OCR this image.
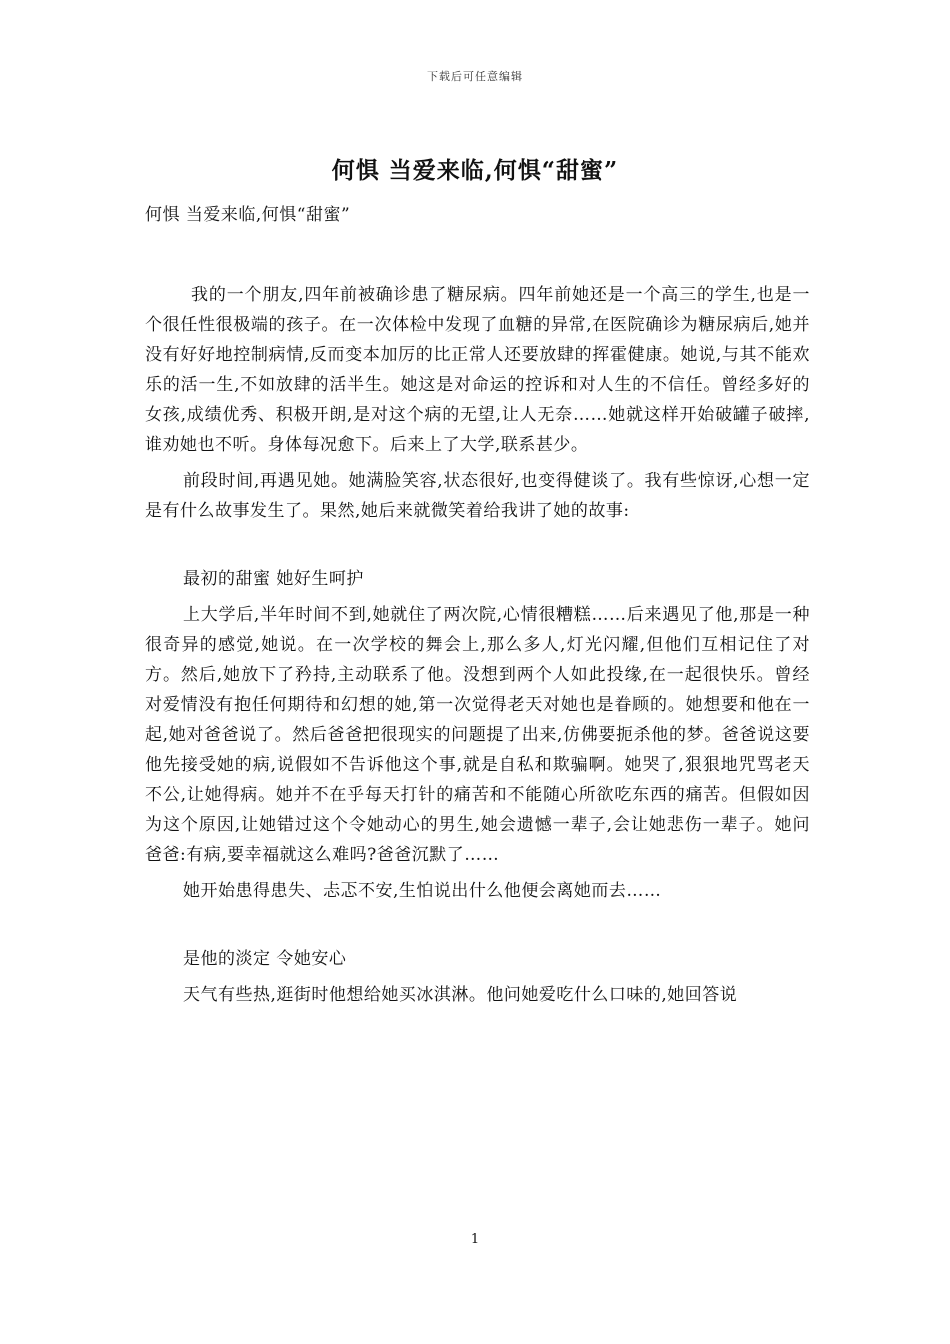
下载后可任意编辑
何惧 当爱来临,何惧“甜蜜”

何惧 当爱来临,何惧“甜蜜”

我的一个朋友,四年前被确诊患了糖尿病。四年前她还是一个高三的学生,也是一个很任性很极端的孩子。在一次体检中发现了血糖的异常,在医院确诊为糖尿病后,她并没有好好地控制病情,反而变本加厉的比正常人还要放肆的挥霍健康。她说,与其不能欢乐的活一生,不如放肆的活半生。她这是对命运的控诉和对人生的不信任。曾经多好的女孩,成绩优秀、积极开朗,是对这个病的无望,让人无奈……她就这样开始破罐子破摔,谁劝她也不听。身体每况愈下。后来上了大学,联系甚少。

前段时间,再遇见她。她满脸笑容,状态很好,也变得健谈了。我有些惊讶,心想一定是有什么故事发生了。果然,她后来就微笑着给我讲了她的故事:

最初的甜蜜 她好生呵护

上大学后,半年时间不到,她就住了两次院,心情很糟糕……后来遇见了他,那是一种很奇异的感觉,她说。在一次学校的舞会上,那么多人,灯光闪耀,但他们互相记住了对方。然后,她放下了矜持,主动联系了他。没想到两个人如此投缘,在一起很快乐。曾经对爱情没有抱任何期待和幻想的她,第一次觉得老天对她也是眷顾的。她想要和他在一起,她对爸爸说了。然后爸爸把很现实的问题提了出来,仿佛要扼杀他的梦。爸爸说这要他先接受她的病,说假如不告诉他这个事,就是自私和欺骗啊。她哭了,狠狠地咒骂老天不公,让她得病。她并不在乎每天打针的痛苦和不能随心所欲吃东西的痛苦。但假如因为这个原因,让她错过这个令她动心的男生,她会遗憾一辈子,会让她悲伤一辈子。她问爸爸:有病,要幸福就这么难吗?爸爸沉默了……

她开始患得患失、忐忑不安,生怕说出什么他便会离她而去……

是他的淡定 令她安心

天气有些热,逛街时他想给她买冰淇淋。他问她爱吃什么口味的,她回答说

1
